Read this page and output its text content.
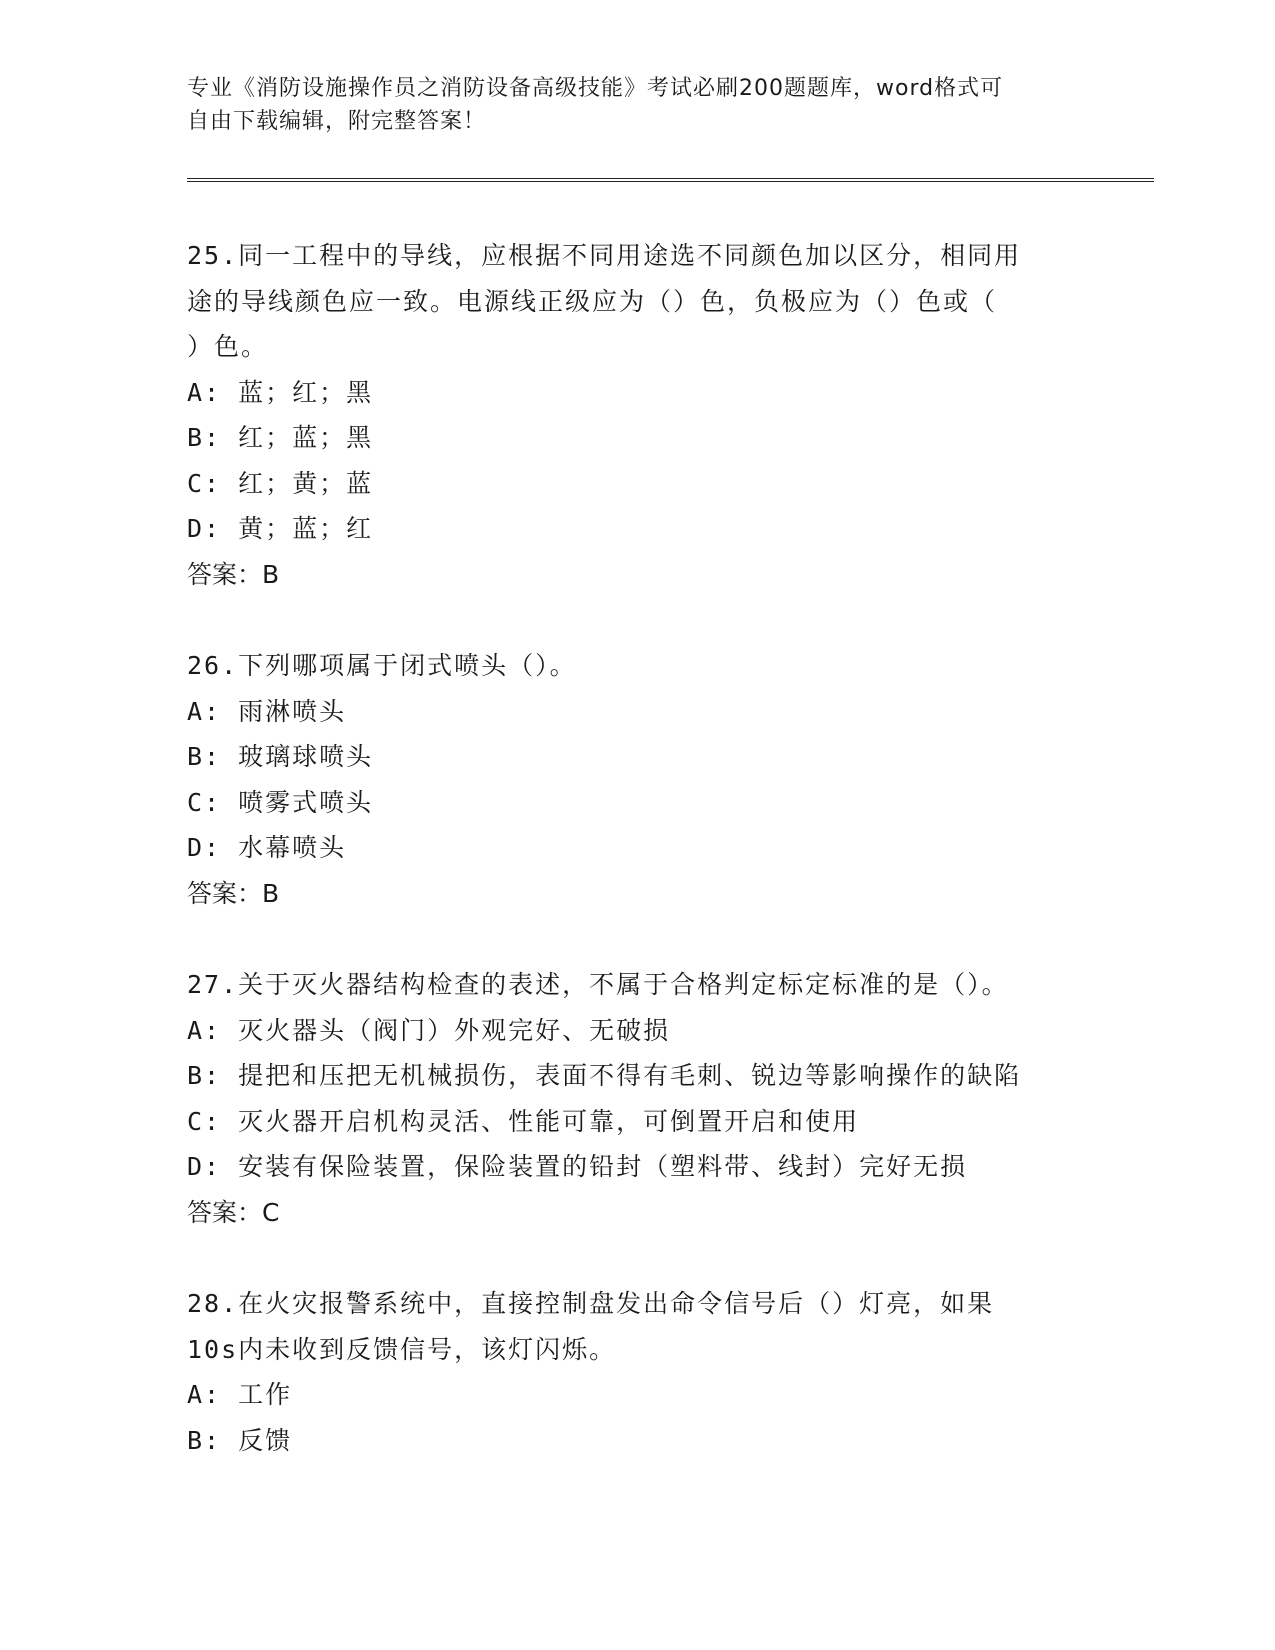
专业《消防设施操作员之消防设备高级技能》考试必刷200题题库，word格式可
自由下载编辑，附完整答案！
25.同一工程中的导线，应根据不同用途选不同颜色加以区分，相同用
途的导线颜色应一致。电源线正级应为（）色，负极应为（）色或（
）色。
A: 蓝；红；黑
B: 红；蓝；黑
C: 红；黄；蓝
D: 黄；蓝；红
答案：B
26.下列哪项属于闭式喷头（）。
A: 雨淋喷头
B: 玻璃球喷头
C: 喷雾式喷头
D: 水幕喷头
答案：B
27.关于灭火器结构检查的表述，不属于合格判定标定标准的是（）。
A: 灭火器头（阀门）外观完好、无破损
B: 提把和压把无机械损伤，表面不得有毛刺、锐边等影响操作的缺陷
C: 灭火器开启机构灵活、性能可靠，可倒置开启和使用
D: 安装有保险装置，保险装置的铅封（塑料带、线封）完好无损
答案：C
28.在火灾报警系统中，直接控制盘发出命令信号后（）灯亮，如果
10s内未收到反馈信号，该灯闪烁。
A: 工作
B: 反馈
